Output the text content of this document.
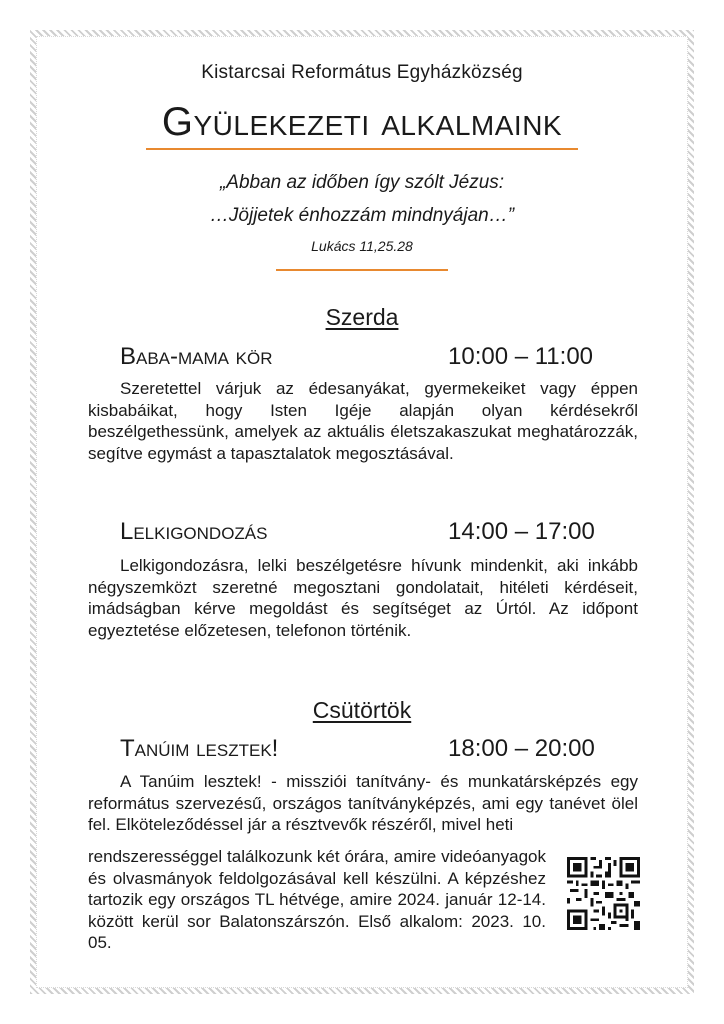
Kistarcsai Református Egyházközség
Gyülekezeti alkalmaink
„Abban az időben így szólt Jézus:
…Jöjjetek énhozzám mindnyájan…”
Lukács 11,25.28
Szerda
Baba-mama kör	10:00 – 11:00

Szeretettel várjuk az édesanyákat, gyermekeiket vagy éppen kisbabáikat, hogy Isten Igéje alapján olyan kérdésekről beszélgethessünk, amelyek az aktuális életszakaszukat meghatározzák, segítve egymást a tapasztalatok megosztásával.

Lelkigondozás	14:00 – 17:00

Lelkigondozásra, lelki beszélgetésre hívunk mindenkit, aki inkább négyszemközt szeretné megosztani gondolatait, hitéleti kérdéseit, imádságban kérve megoldást és segítséget az Úrtól. Az időpont egyeztetése előzetesen, telefonon történik.

Csütörtök
Tanúim lesztek!	18:00 – 20:00

A Tanúim lesztek! - missziói tanítvány- és munkatársképzés egy református szervezésű, országos tanítványképzés, ami egy tanévet ölel fel. Elköteleződéssel jár a résztvevők részéről, mivel heti

rendszerességgel találkozunk két órára, amire videóanyagok és olvasmányok feldolgozásával kell készülni. A képzéshez tartozik egy országos TL hétvége, amire 2024. január 12-14. között kerül sor Balatonszárszón. Első alkalom: 2023. 10. 05.
